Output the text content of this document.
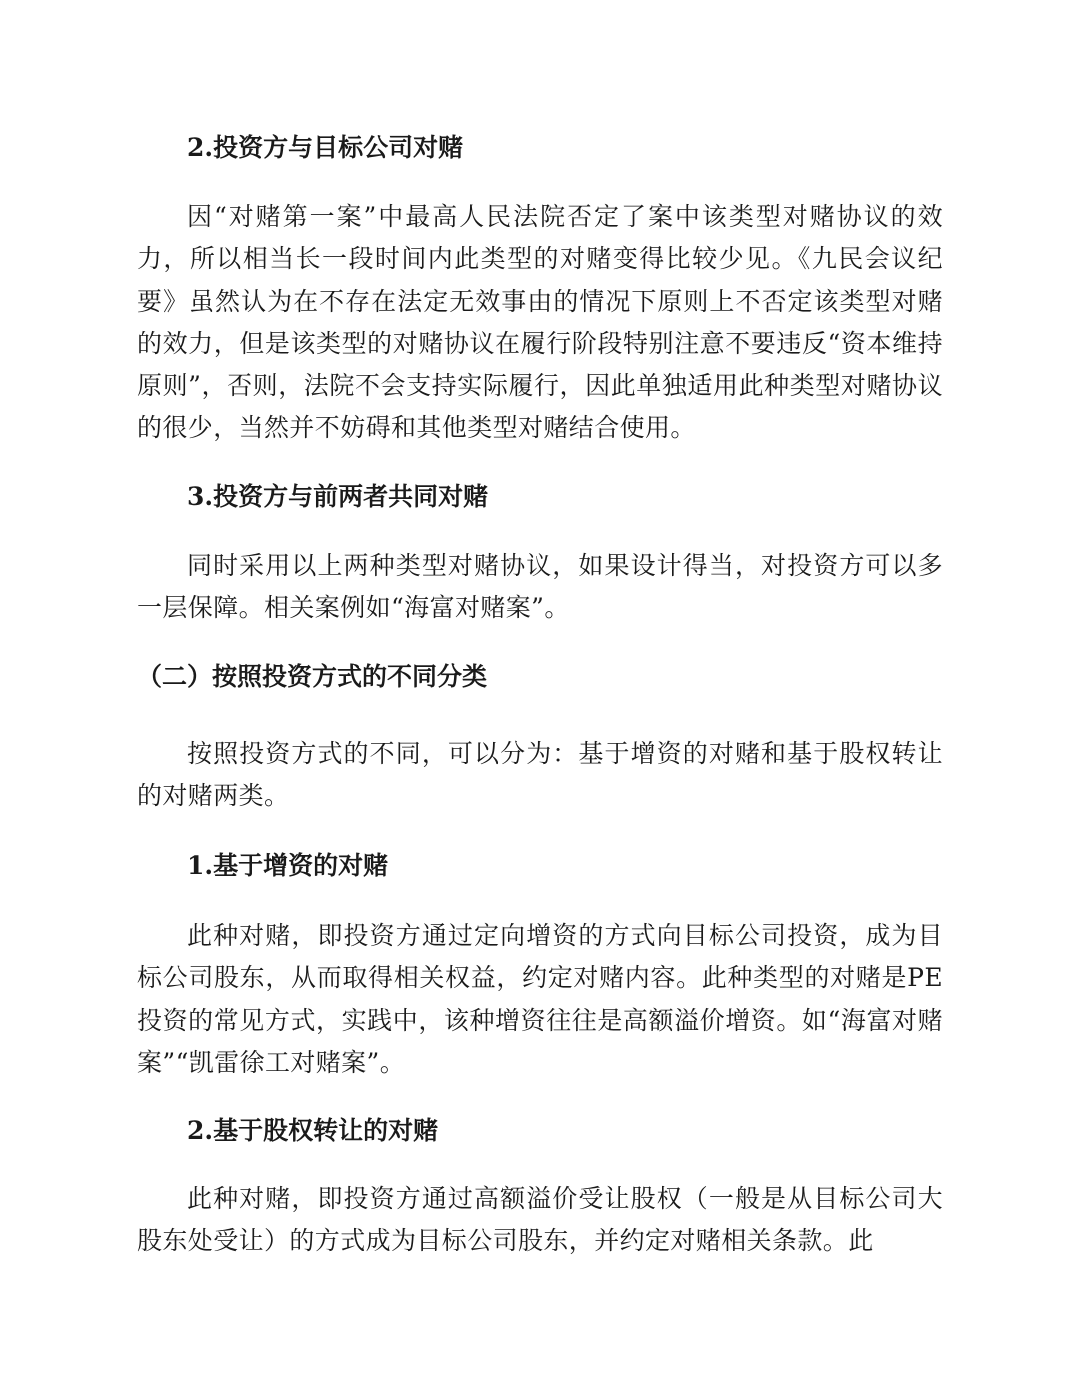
2.投资方与目标公司对赌

因“对赌第一案”中最高人民法院否定了案中该类型对赌协议的效力，所以相当长一段时间内此类型的对赌变得比较少见。《九民会议纪要》虽然认为在不存在法定无效事由的情况下原则上不否定该类型对赌的效力，但是该类型的对赌协议在履行阶段特别注意不要违反“资本维持原则”，否则，法院不会支持实际履行，因此单独适用此种类型对赌协议的很少，当然并不妨碍和其他类型对赌结合使用。

3.投资方与前两者共同对赌

同时采用以上两种类型对赌协议，如果设计得当，对投资方可以多一层保障。相关案例如“海富对赌案”。

（二）按照投资方式的不同分类

按照投资方式的不同，可以分为：基于增资的对赌和基于股权转让的对赌两类。

1.基于增资的对赌

此种对赌，即投资方通过定向增资的方式向目标公司投资，成为目标公司股东，从而取得相关权益，约定对赌内容。此种类型的对赌是PE投资的常见方式，实践中，该种增资往往是高额溢价增资。如“海富对赌案”“凯雷徐工对赌案”。

2.基于股权转让的对赌

此种对赌，即投资方通过高额溢价受让股权（一般是从目标公司大股东处受让）的方式成为目标公司股东，并约定对赌相关条款。此
